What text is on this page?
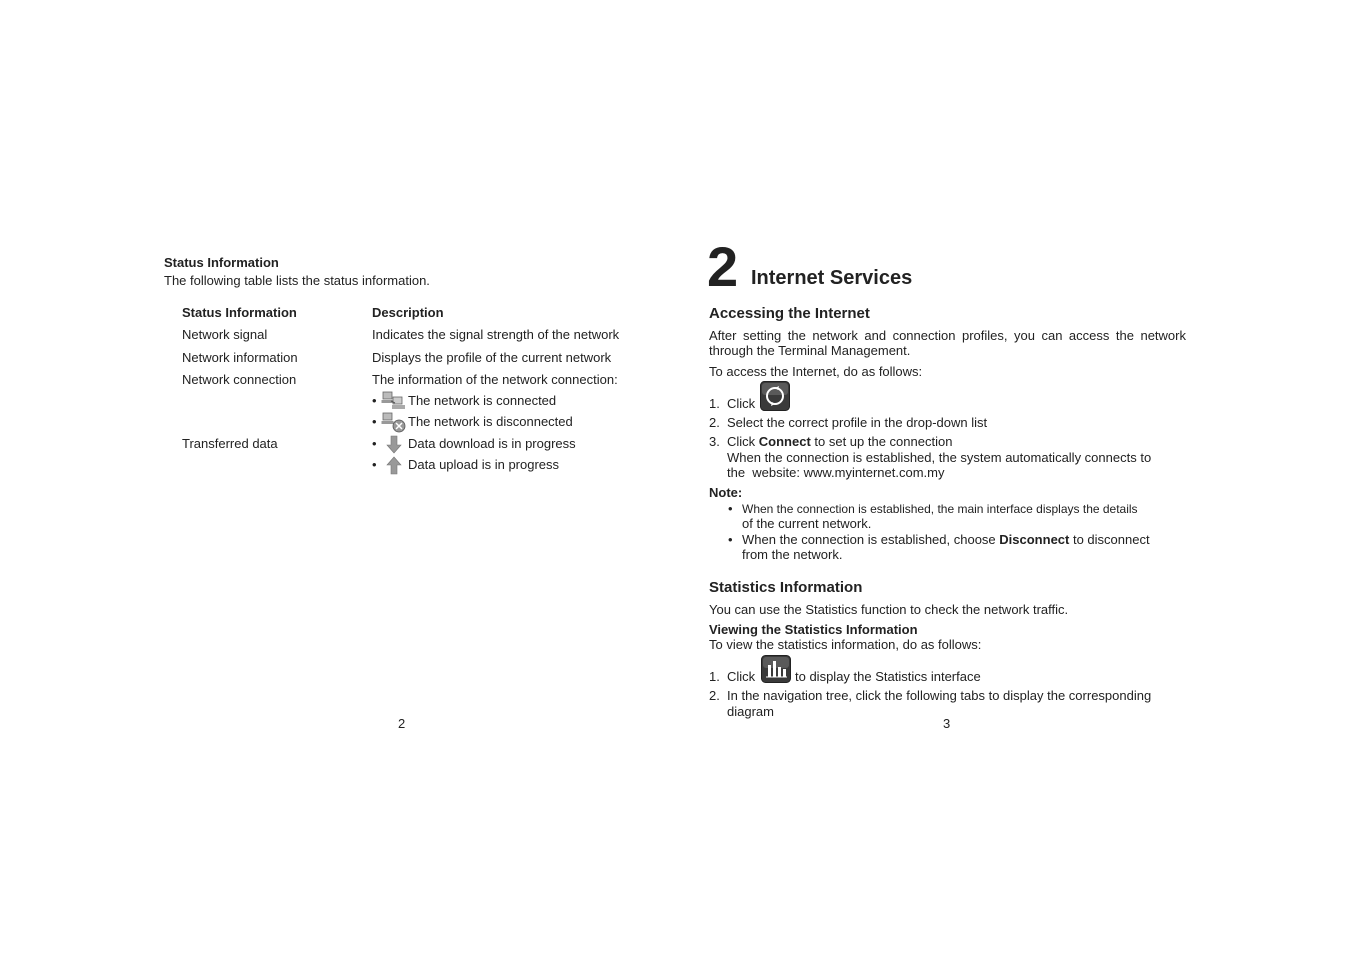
Status Information
The following table lists the status information.
Status Information	Description
Network signal	Indicates the signal strength of the network
Network information	Displays the profile of the current network
Network connection	The information of the network connection:
• The network is connected
• The network is disconnected
Transferred data	• Data download is in progress
• Data upload is in progress
2
2 Internet Services
Accessing the Internet
After setting the network and connection profiles, you can access the network
through the Terminal Management.
To access the Internet, do as follows:
1. Click
2. Select the correct profile in the drop-down list
3. Click Connect to set up the connection
When the connection is established, the system automatically connects to
the  website: www.myinternet.com.my
Note:
• When the connection is established, the main interface displays the details
of the current network.
• When the connection is established, choose Disconnect to disconnect
from the network.
Statistics Information
You can use the Statistics function to check the network traffic.
Viewing the Statistics Information
To view the statistics information, do as follows:
1. Click	to display the Statistics interface
2. In the navigation tree, click the following tabs to display the corresponding
diagram
3
